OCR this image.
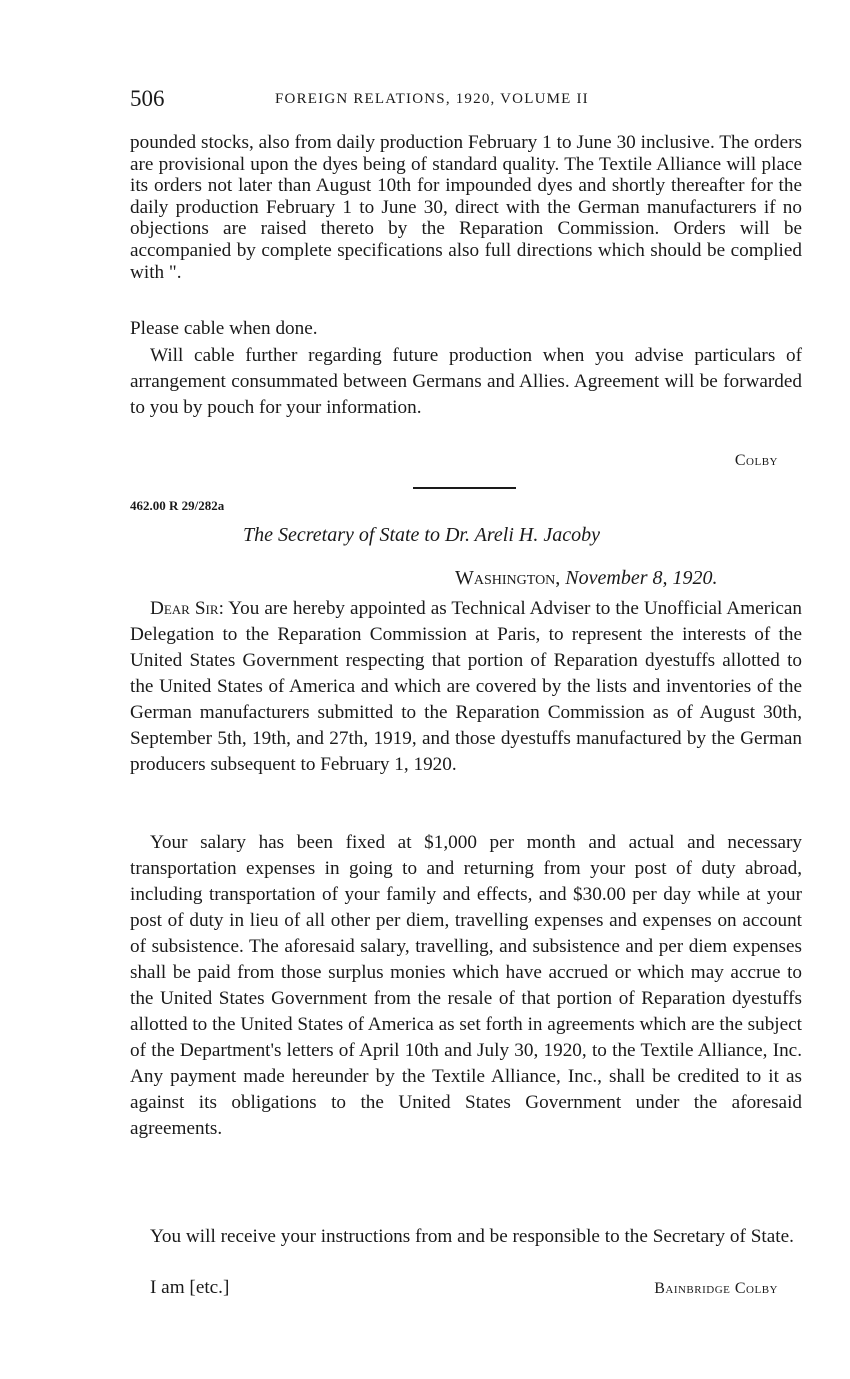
506	FOREIGN RELATIONS, 1920, VOLUME II

pounded stocks, also from daily production February 1 to June 30 inclusive. The orders are provisional upon the dyes being of standard quality. The Textile Alliance will place its orders not later than August 10th for impounded dyes and shortly thereafter for the daily production February 1 to June 30, direct with the German manufacturers if no objections are raised thereto by the Reparation Commission. Orders will be accompanied by complete specifications also full directions which should be complied with ".

Please cable when done.

Will cable further regarding future production when you advise particulars of arrangement consummated between Germans and Allies. Agreement will be forwarded to you by pouch for your information.

Colby
462.00 R 29/282a
The Secretary of State to Dr. Areli H. Jacoby
Washington, November 8, 1920.

Dear Sir: You are hereby appointed as Technical Adviser to the Unofficial American Delegation to the Reparation Commission at Paris, to represent the interests of the United States Government respecting that portion of Reparation dyestuffs allotted to the United States of America and which are covered by the lists and inventories of the German manufacturers submitted to the Reparation Commission as of August 30th, September 5th, 19th, and 27th, 1919, and those dyestuffs manufactured by the German producers subsequent to February 1, 1920.

Your salary has been fixed at $1,000 per month and actual and necessary transportation expenses in going to and returning from your post of duty abroad, including transportation of your family and effects, and $30.00 per day while at your post of duty in lieu of all other per diem, travelling expenses and expenses on account of subsistence. The aforesaid salary, travelling, and subsistence and per diem expenses shall be paid from those surplus monies which have accrued or which may accrue to the United States Government from the resale of that portion of Reparation dyestuffs allotted to the United States of America as set forth in agreements which are the subject of the Department's letters of April 10th and July 30, 1920, to the Textile Alliance, Inc. Any payment made hereunder by the Textile Alliance, Inc., shall be credited to it as against its obligations to the United States Government under the aforesaid agreements.

You will receive your instructions from and be responsible to the Secretary of State.

I am [etc.]	Bainbridge Colby
